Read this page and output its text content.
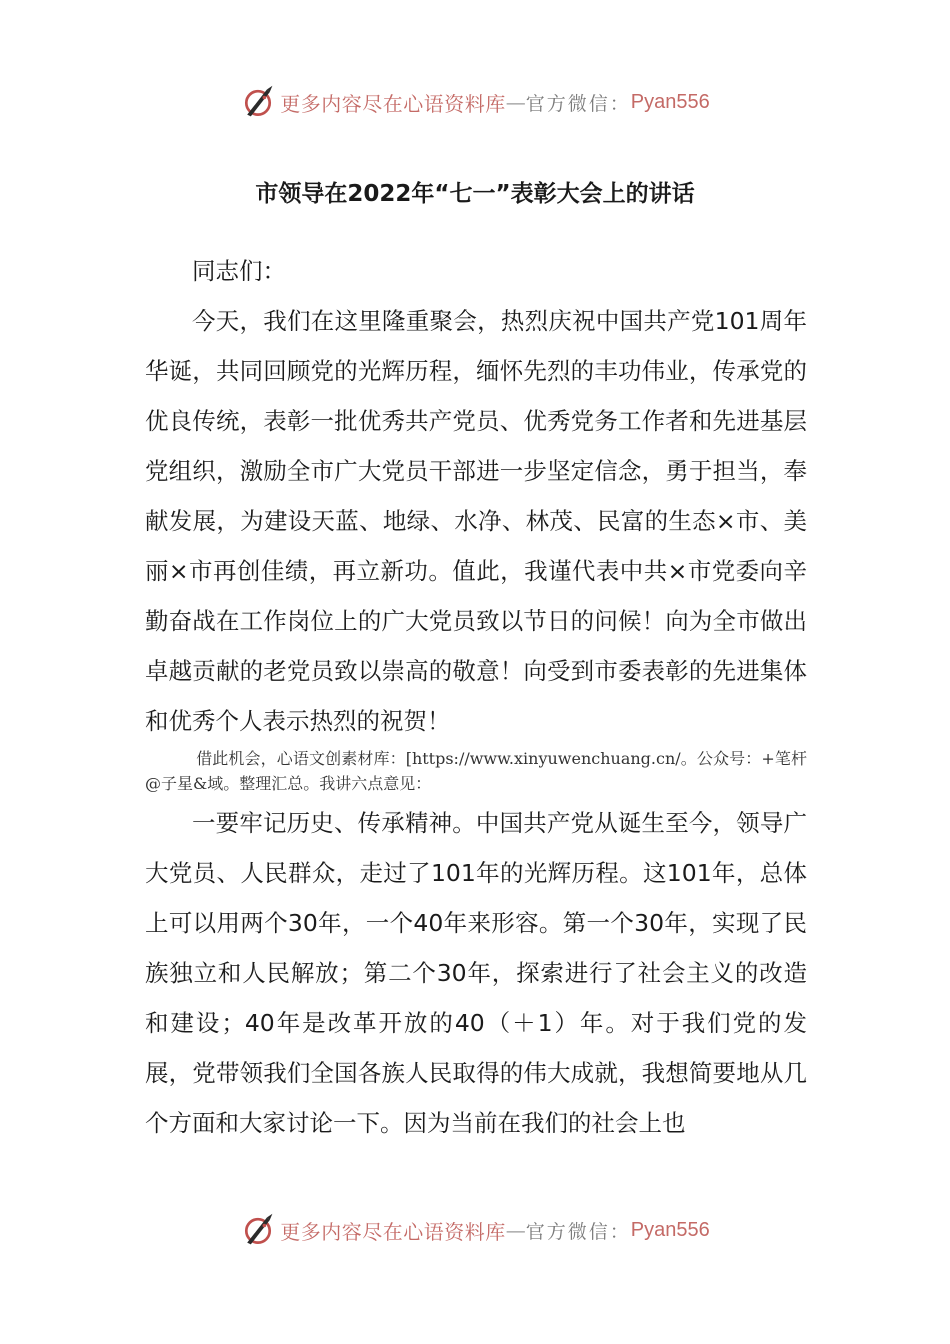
更多内容尽在心语资料库 — 官方微信： Pyan556
市领导在2022年“七一”表彰大会上的讲话

同志们：

今天，我们在这里隆重聚会，热烈庆祝中国共产党101周年华诞，共同回顾党的光辉历程，缅怀先烈的丰功伟业，传承党的优良传统，表彰一批优秀共产党员、优秀党务工作者和先进基层党组织，激励全市广大党员干部进一步坚定信念，勇于担当，奉献发展，为建设天蓝、地绿、水净、林茂、民富的生态×市、美丽×市再创佳绩，再立新功。值此，我谨代表中共×市党委向辛勤奋战在工作岗位上的广大党员致以节日的问候！向为全市做出卓越贡献的老党员致以崇高的敬意！向受到市委表彰的先进集体和优秀个人表示热烈的祝贺！

借此机会，心语文创素材库：[https://www.xinyuwenchuang.cn/。公众号：+笔杆@子星&域。整理汇总。我讲六点意见：

一要牢记历史、传承精神。中国共产党从诞生至今，领导广大党员、人民群众，走过了101年的光辉历程。这101年，总体上可以用两个30年，一个40年来形容。第一个30年，实现了民族独立和人民解放；第二个30年，探索进行了社会主义的改造和建设；40年是改革开放的40（＋1）年。对于我们党的发展，党带领我们全国各族人民取得的伟大成就，我想简要地从几个方面和大家讨论一下。因为当前在我们的社会上也

更多内容尽在心语资料库 — 官方微信： Pyan556
